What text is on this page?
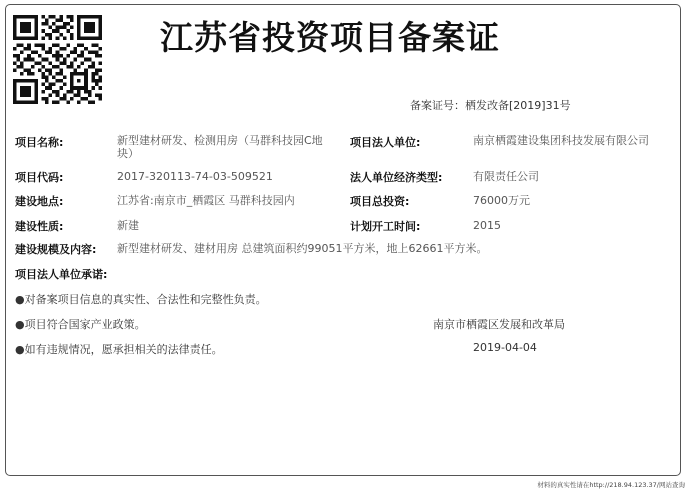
江苏省投资项目备案证
备案证号：栖发改备[2019]31号
项目名称:	新型建材研发、检测用房（马群科技园C地块）
项目法人单位:	南京栖霞建设集团科技发展有限公司
项目代码:	2017-320113-74-03-509521	法人单位经济类型:	有限责任公司
建设地点:	江苏省:南京市_栖霞区 马群科技园内	项目总投资:	76000万元
建设性质:	新建	计划开工时间:	2015
建设规模及内容: 新型建材研发、建材用房 总建筑面积约99051平方米，地上62661平方米。
项目法人单位承诺:
●对备案项目信息的真实性、合法性和完整性负责。
●项目符合国家产业政策。
●如有违规情况，愿承担相关的法律责任。
南京市栖霞区发展和改革局
2019-04-04
材料的真实性请在http://218.94.123.37/网站查询
